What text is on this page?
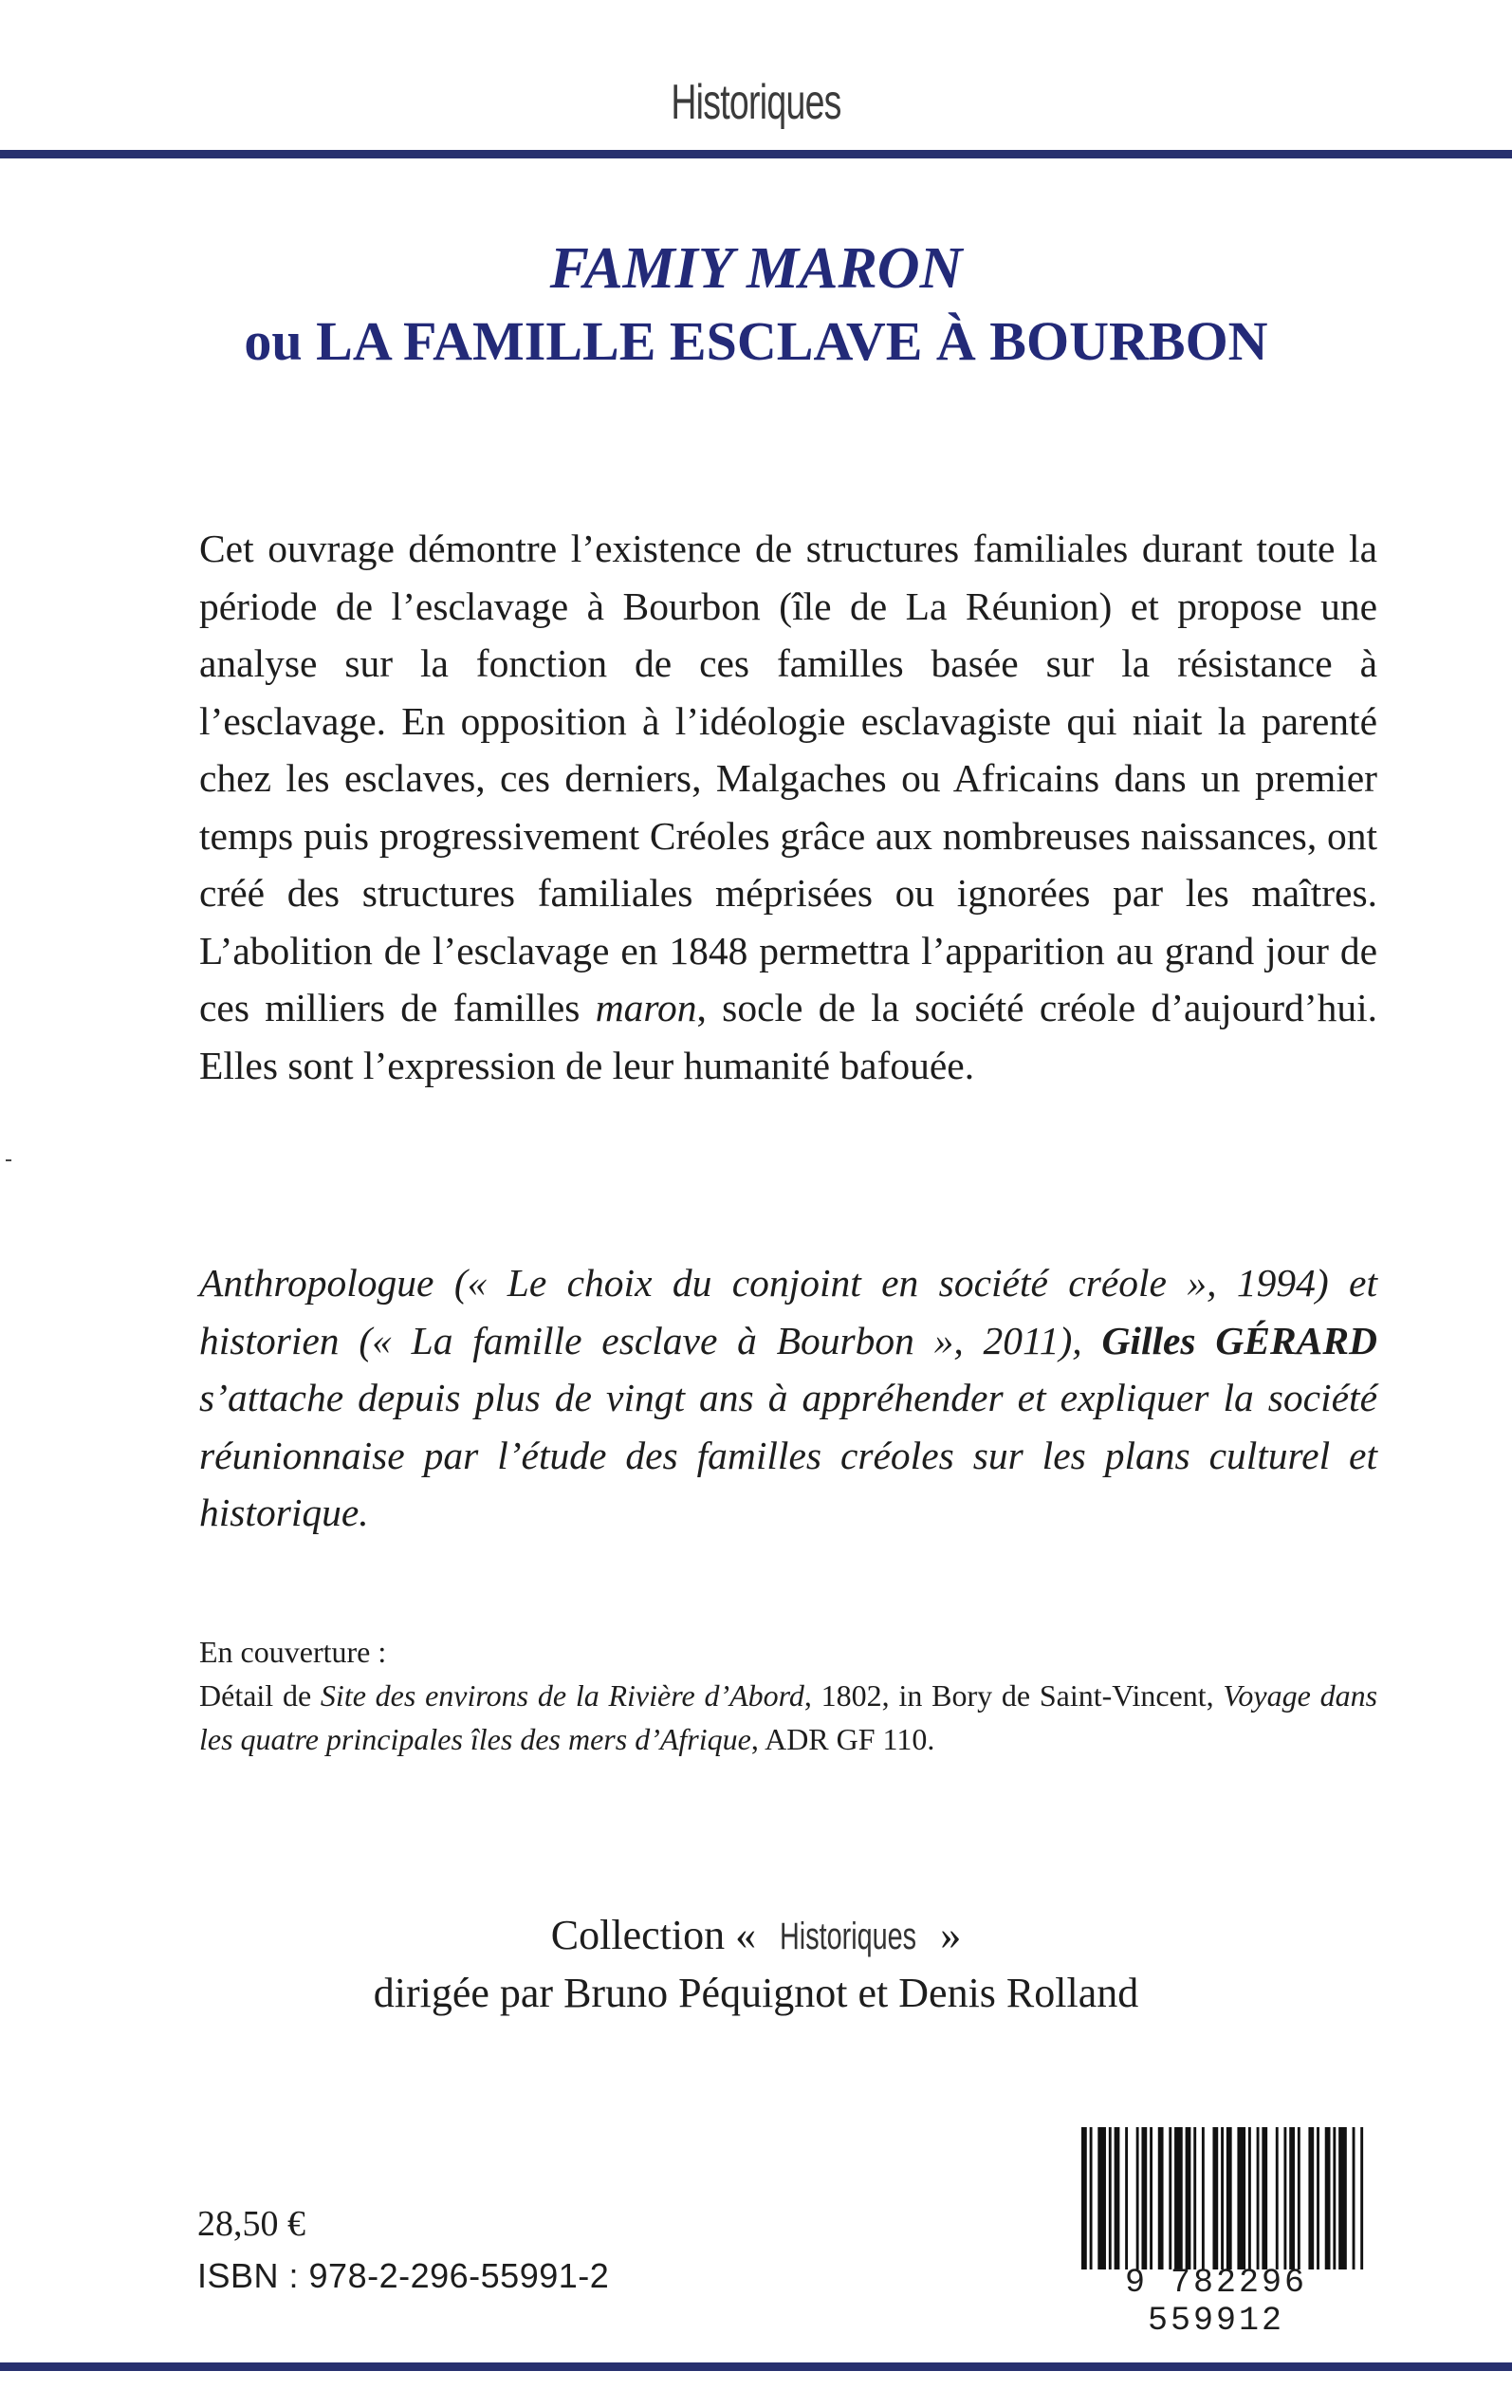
Historiques
FAMIY MARON
ou LA FAMILLE ESCLAVE À BOURBON

Cet ouvrage démontre l’existence de structures familiales durant toute la période de l’esclavage à Bourbon (île de La Réunion) et propose une analyse sur la fonction de ces familles basée sur la résistance à l’esclavage. En opposition à l’idéologie esclavagiste qui niait la parenté chez les esclaves, ces derniers, Malgaches ou Africains dans un premier temps puis progressivement Créoles grâce aux nombreuses naissances, ont créé des structures familiales méprisées ou ignorées par les maîtres. L’abolition de l’esclavage en 1848 permettra l’apparition au grand jour de ces milliers de familles maron, socle de la société créole d’aujourd’hui. Elles sont l’expression de leur humanité bafouée.

Anthropologue (« Le choix du conjoint en société créole », 1994) et historien (« La famille esclave à Bourbon », 2011), Gilles GÉRARD s’attache depuis plus de vingt ans à appréhender et expliquer la société réunionnaise par l’étude des familles créoles sur les plans culturel et historique.

En couverture :

Détail de Site des environs de la Rivière d’Abord, 1802, in Bory de Saint-Vincent, Voyage dans les quatre principales îles des mers d’Afrique, ADR GF 110.

Collection « Historiques »

dirigée par Bruno Péquignot et Denis Rolland

28,50 €
ISBN : 978-2-296-55991-2	9 782296 559912
